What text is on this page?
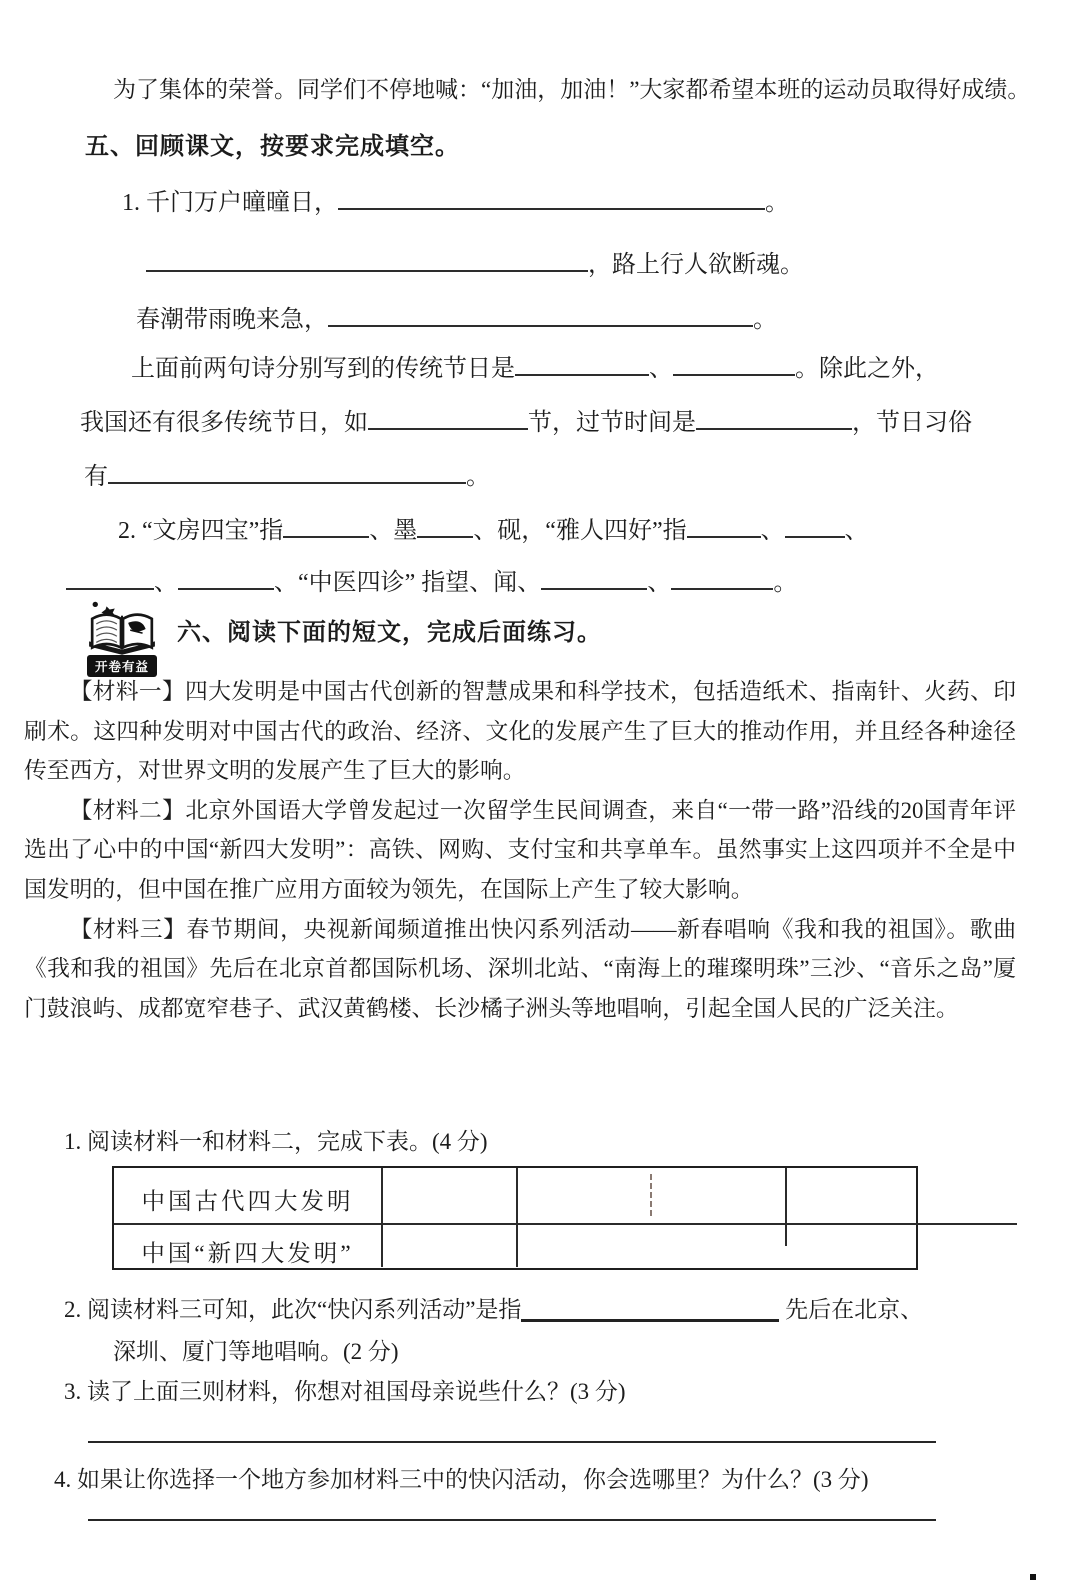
为了集体的荣誉。同学们不停地喊：“加油，加油！”大家都希望本班的运动员取得好成绩。
五、回顾课文，按要求完成填空。
1. 千门万户曈曈日，	。
，路上行人欲断魂。
春潮带雨晚来急，	。
上面前两句诗分别写到的传统节日是	、	。除此之外，
我国还有很多传统节日，如	节，过节时间是	，节日习俗
有	。
2. “文房四宝”指	、墨 、砚，“雅人四好”指	、	、
、	、“中医四诊” 指望、闻、	、	。
开卷有益
六、阅读下面的短文，完成后面练习。

【材料一】四大发明是中国古代创新的智慧成果和科学技术，包括造纸术、指南针、火药、印刷术。这四种发明对中国古代的政治、经济、文化的发展产生了巨大的推动作用，并且经各种途径传至西方，对世界文明的发展产生了巨大的影响。

【材料二】北京外国语大学曾发起过一次留学生民间调查，来自“一带一路”沿线的20国青年评选出了心中的中国“新四大发明”：高铁、网购、支付宝和共享单车。虽然事实上这四项并不全是中国发明的，但中国在推广应用方面较为领先，在国际上产生了较大影响。

【材料三】春节期间，央视新闻频道推出快闪系列活动——新春唱响《我和我的祖国》。歌曲《我和我的祖国》先后在北京首都国际机场、深圳北站、“南海上的璀璨明珠”三沙、“音乐之岛”厦门鼓浪屿、成都宽窄巷子、武汉黄鹤楼、长沙橘子洲头等地唱响，引起全国人民的广泛关注。

1. 阅读材料一和材料二，完成下表。(4 分)
中国古代四大发明
中国“新四大发明”
2. 阅读材料三可知，此次“快闪系列活动”是指	先后在北京、
深圳、厦门等地唱响。(2 分)
3. 读了上面三则材料，你想对祖国母亲说些什么？(3 分)
4. 如果让你选择一个地方参加材料三中的快闪活动，你会选哪里？为什么？(3 分)
